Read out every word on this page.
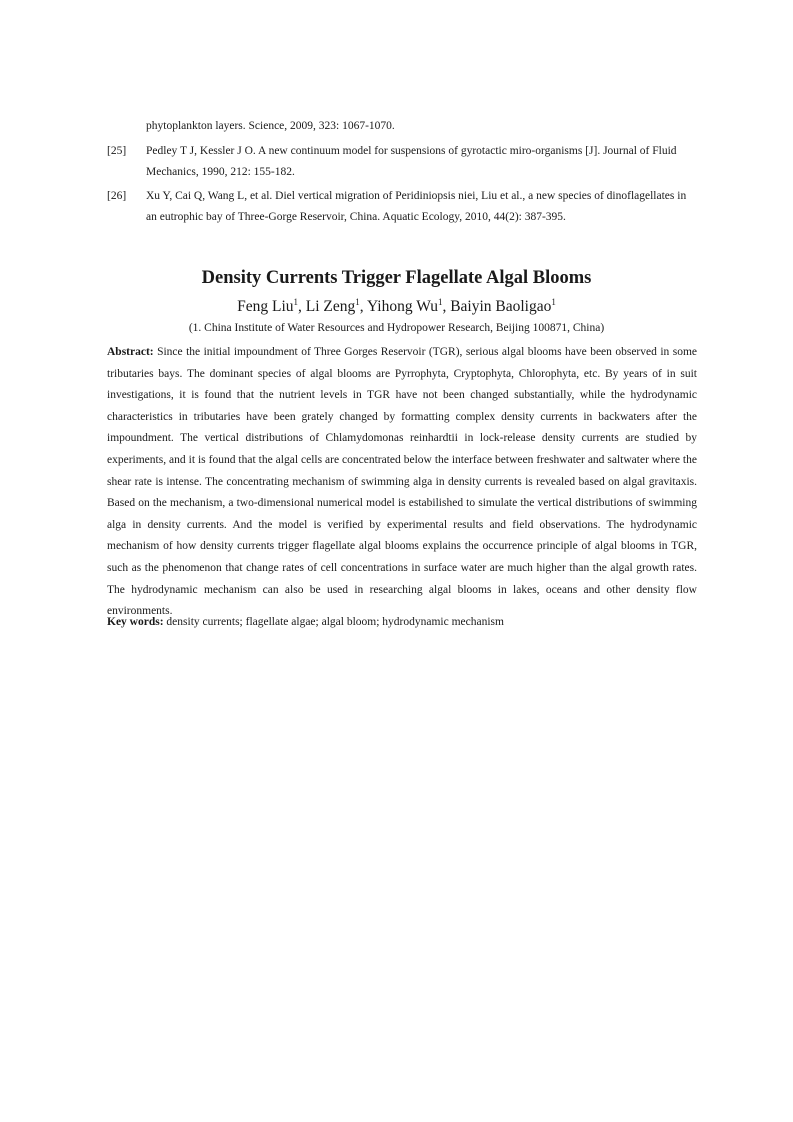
phytoplankton layers. Science, 2009, 323: 1067-1070.
[25] Pedley T J, Kessler J O. A new continuum model for suspensions of gyrotactic miro-organisms [J]. Journal of Fluid Mechanics, 1990, 212: 155-182.
[26] Xu Y, Cai Q, Wang L, et al. Diel vertical migration of Peridiniopsis niei, Liu et al., a new species of dinoflagellates in an eutrophic bay of Three-Gorge Reservoir, China. Aquatic Ecology, 2010, 44(2): 387-395.
Density Currents Trigger Flagellate Algal Blooms
Feng Liu$^1$, Li Zeng$^1$, Yihong Wu$^1$, Baiyin Baoligao$^1$
(1. China Institute of Water Resources and Hydropower Research, Beijing 100871, China)
Abstract: Since the initial impoundment of Three Gorges Reservoir (TGR), serious algal blooms have been observed in some tributaries bays. The dominant species of algal blooms are Pyrrophyta, Cryptophyta, Chlorophyta, etc. By years of in suit investigations, it is found that the nutrient levels in TGR have not been changed substantially, while the hydrodynamic characteristics in tributaries have been grately changed by formatting complex density currents in backwaters after the impoundment. The vertical distributions of Chlamydomonas reinhardtii in lock-release density currents are studied by experiments, and it is found that the algal cells are concentrated below the interface between freshwater and saltwater where the shear rate is intense. The concentrating mechanism of swimming alga in density currents is revealed based on algal gravitaxis. Based on the mechanism, a two-dimensional numerical model is estabilished to simulate the vertical distributions of swimming alga in density currents. And the model is verified by experimental results and field observations. The hydrodynamic mechanism of how density currents trigger flagellate algal blooms explains the occurrence principle of algal blooms in TGR, such as the phenomenon that change rates of cell concentrations in surface water are much higher than the algal growth rates. The hydrodynamic mechanism can also be used in researching algal blooms in lakes, oceans and other density flow environments.
Key words: density currents; flagellate algae; algal bloom; hydrodynamic mechanism
